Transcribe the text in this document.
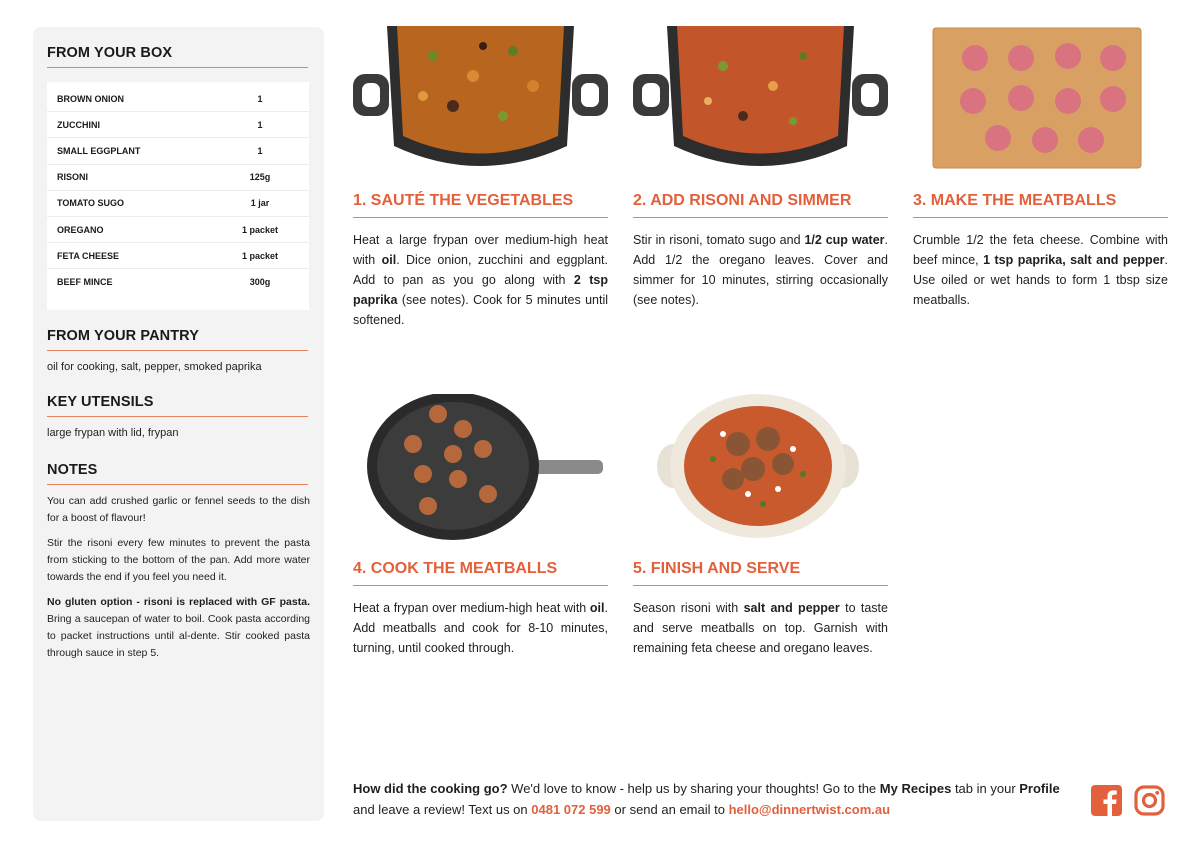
FROM YOUR BOX
BROWN ONION	1
ZUCCHINI	1
SMALL EGGPLANT	1
RISONI	125g
TOMATO SUGO	1 jar
OREGANO	1 packet
FETA CHEESE	1 packet
BEEF MINCE	300g
FROM YOUR PANTRY
oil for cooking, salt, pepper, smoked paprika
KEY UTENSILS
large frypan with lid, frypan
NOTES

You can add crushed garlic or fennel seeds to the dish for a boost of flavour!

Stir the risoni every few minutes to prevent the pasta from sticking to the bottom of the pan. Add more water towards the end if you feel you need it.

No gluten option - risoni is replaced with GF pasta. Bring a saucepan of water to boil. Cook pasta according to packet instructions until al-dente. Stir cooked pasta through sauce in step 5.

1. SAUTÉ THE VEGETABLES
Heat a large frypan over medium-high heat with oil. Dice onion, zucchini and eggplant. Add to pan as you go along with 2 tsp paprika (see notes). Cook for 5 minutes until softened.
2. ADD RISONI AND SIMMER
Stir in risoni, tomato sugo and 1/2 cup water. Add 1/2 the oregano leaves. Cover and simmer for 10 minutes, stirring occasionally (see notes).
3. MAKE THE MEATBALLS
Crumble 1/2 the feta cheese. Combine with beef mince, 1 tsp paprika, salt and pepper. Use oiled or wet hands to form 1 tbsp size meatballs.
4. COOK THE MEATBALLS
Heat a frypan over medium-high heat with oil. Add meatballs and cook for 8-10 minutes, turning, until cooked through.
5. FINISH AND SERVE
Season risoni with salt and pepper to taste and serve meatballs on top. Garnish with remaining feta cheese and oregano leaves.
How did the cooking go? We'd love to know - help us by sharing your thoughts! Go to the My Recipes tab in your Profile and leave a review! Text us on 0481 072 599 or send an email to hello@dinnertwist.com.au
